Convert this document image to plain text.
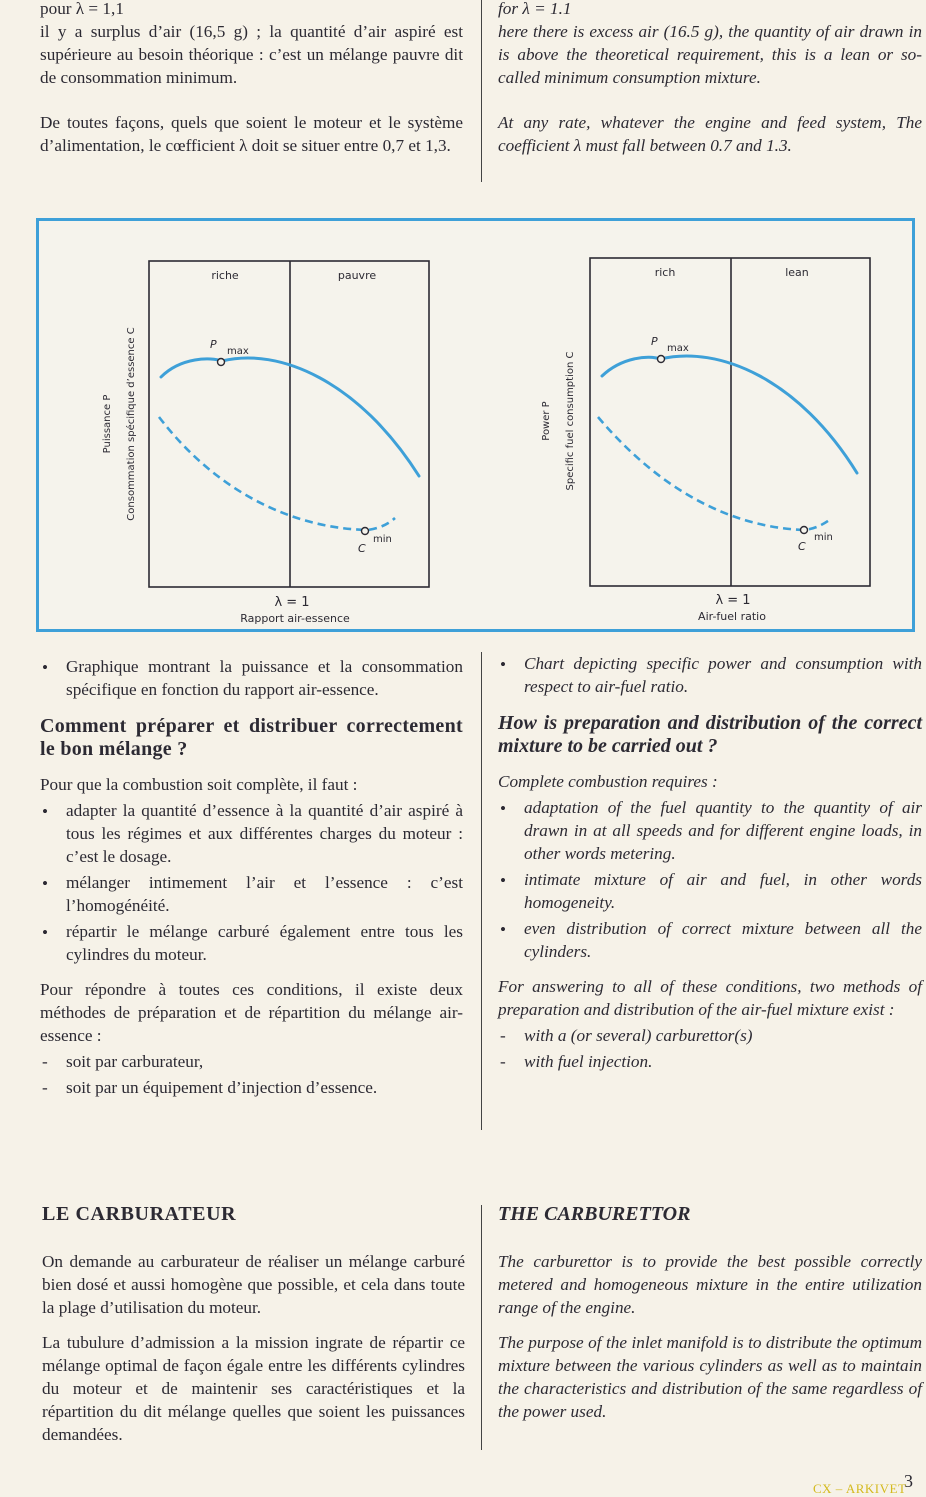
pour λ = 1,1

il y a surplus d’air (16,5 g) ; la quantité d’air aspiré est supérieure au besoin théorique : c’est un mélange pauvre dit de consommation minimum.

De toutes façons, quels que soient le moteur et le système d’alimentation, le cœfficient λ doit se situer entre 0,7 et 1,3.

for λ = 1.1

here there is excess air (16.5 g), the quantity of air drawn in is above the theoretical requirement, this is a lean or so-called minimum consumption mixture.

At any rate, whatever the engine and feed system, The coefficient λ must fall between 0.7 and 1.3.

riche	pauvre
P
max
C
min
Puissance P Consommation spécifique d’essence C
λ = 1
Rapport air-essence
rich	lean
P
max
C
min
Power P Specific fuel consumption C
λ = 1
Air-fuel ratio
• Graphique montrant la puissance et la consommation spécifique en fonction du rapport air-essence.
Comment préparer et distribuer correctement le bon mélange ?
Pour que la combustion soit complète, il faut :
• adapter la quantité d’essence à la quantité d’air aspiré à tous les régimes et aux différentes charges du moteur : c’est le dosage.
• mélanger intimement l’air et l’essence : c’est l’homogénéité.
• répartir le mélange carburé également entre tous les cylindres du moteur.
Pour répondre à toutes ces conditions, il existe deux méthodes de préparation et de répartition du mélange air-essence :
- soit par carburateur,
- soit par un équipement d’injection d’essence.
• Chart depicting specific power and consumption with respect to air-fuel ratio.
How is preparation and distribution of the correct mixture to be carried out ?
Complete combustion requires :
• adaptation of the fuel quantity to the quantity of air drawn in at all speeds and for different engine loads, in other words metering.
• intimate mixture of air and fuel, in other words homogeneity.
• even distribution of correct mixture between all the cylinders.
For answering to all of these conditions, two methods of preparation and distribution of the air-fuel mixture exist :
- with a (or several) carburettor(s)
- with fuel injection.
LE CARBURATEUR

On demande au carburateur de réaliser un mélange carburé bien dosé et aussi homogène que possible, et cela dans toute la plage d’utilisation du moteur.

La tubulure d’admission a la mission ingrate de répartir ce mélange optimal de façon égale entre les différents cylindres du moteur et de maintenir ses caractéristiques et la répartition du dit mélange quelles que soient les puissances demandées.

THE CARBURETTOR

The carburettor is to provide the best possible correctly metered and homogeneous mixture in the entire utilization range of the engine.

The purpose of the inlet manifold is to distribute the optimum mixture between the various cylinders as well as to maintain the characteristics and distribution of the same regardless of the power used.

3
CX – ARKIVET
